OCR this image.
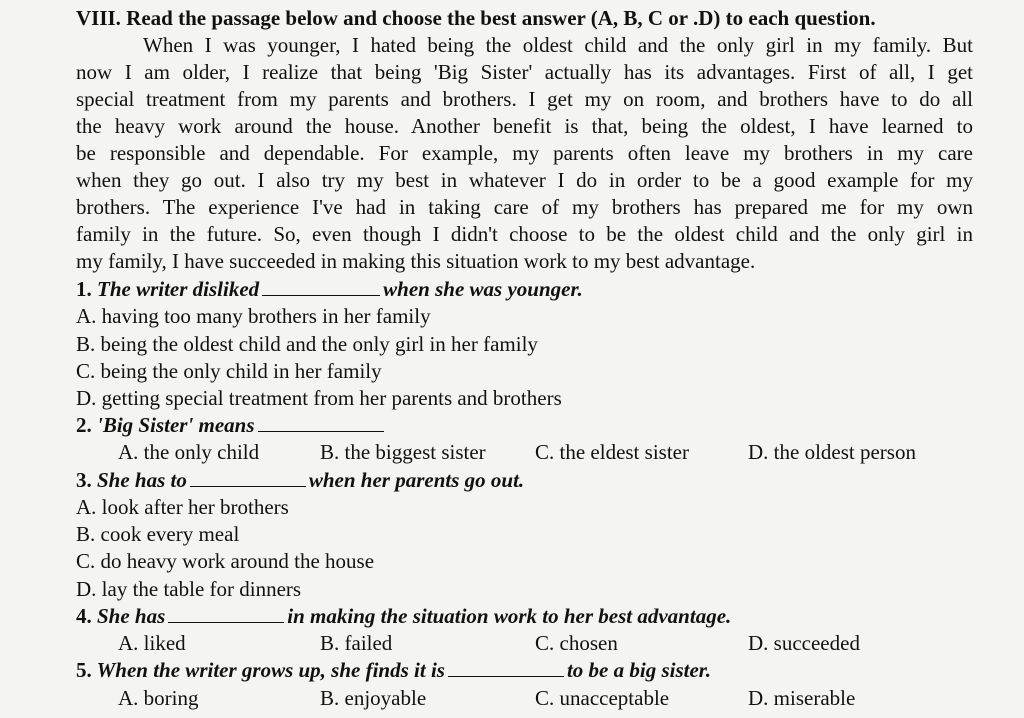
VIII. Read the passage below and choose the best answer (A, B, C or .D) to each question.
When I was younger, I hated being the oldest child and the only girl in my family. But
now I am older, I realize that being 'Big Sister' actually has its advantages. First of all, I get
special treatment from my parents and brothers. I get my on room, and brothers have to do all
the heavy work around the house. Another benefit is that, being the oldest, I have learned to
be responsible and dependable. For example, my parents often leave my brothers in my care
when they go out. I also try my best in whatever I do in order to be a good example for my
brothers. The experience I've had in taking care of my brothers has prepared me for my own
family in the future. So, even though I didn't choose to be the oldest child and the only girl in
my family, I have succeeded in making this situation work to my best advantage.
1. The writer disliked	when she was younger.
A. having too many brothers in her family
B. being the oldest child and the only girl in her family
C. being the only child in her family
D. getting special treatment from her parents and brothers
2. 'Big Sister' means
A. the only child	B. the biggest sister C. the eldest sister	D. the oldest person
3. She has to	when her parents go out.
A. look after her brothers
B. cook every meal
C. do heavy work around the house
D. lay the table for dinners
4. She has	in making the situation work to her best advantage.
A. liked	B. failed	C. chosen	D. succeeded
5. When the writer grows up, she finds it is	to be a big sister.
A. boring	B. enjoyable	C. unacceptable	D. miserable
